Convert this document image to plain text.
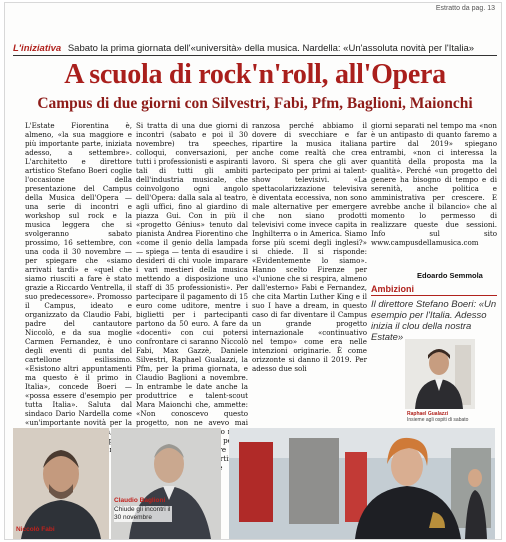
Estratto da pag. 13
L'iniziativa Sabato la prima giornata dell'«università» della musica. Nardella: «Un'assoluta novità per l'Italia»
A scuola di rock'n'roll, all'Opera
Campus di due giorni con Silvestri, Fabi, Pfm, Baglioni, Maionchi
L'Estate Fiorentina è, almeno, «la sua maggiore e più importante parte, iniziata adesso, a settembre». L'architetto e direttore artistico Stefano Boeri coglie l'occasione della presentazione del Campus della Musica dell'Opera — una serie di incontri e workshop sul rock e la musica leggera che si svolgeranno sabato prossimo, 16 settembre, con una coda il 30 novembre — per spiegare che «siamo arrivati tardi» e «quel che siamo riusciti a fare è stato grazie a Riccardo Ventrella, il suo predecessore». Promosso il Campus, ideato e organizzato da Claudio Fabi, padre del cantautore Niccolò, e da sua moglie Carmen Fernandez, è uno degli eventi di punta del cartellone esilissimo. «Esistono altri appuntamenti ma questo è il primo in Italia», concede Boeri — «possa essere d'esempio per tutta Italia». Saluta dal sindaco Dario Nardella come «un'importante novità per la
Si tratta di una due giorni di incontri (sabato e poi il 30 novembre) tra speeches, colloqui, conversazioni, per tutti i professionisti e aspiranti tali di tutti gli ambiti dell'industria musicale, che coinvolgono ogni angolo dell'Opera: dalla sala al teatro, agli uffici, fino al giardino di piazza Gui. Con in più il «progetto Génius» tenuto dal pianista Andrea Fiorentino che «come il genio della lampada — spiega — tenta di esaudire i desideri di chi vuole imparare i vari mestieri della musica mettendo a disposizione uno staff di 35 professionisti». Per partecipare il pagamento di 15 euro come uditore, mentre i biglietti per i partecipanti partono da 50 euro. A fare da «docenti» con cui potersi confrontare ci saranno Niccolò Fabi, Max Gazzè, Daniele Silvestri, Raphael Gualazzi, la Pfm, per la prima giornata, e Claudio Baglioni a novembre. In entrambe le date anche la produttrice e talent-scout Mara Maionchi che, ammette: «Non conoscevo questo progetto, non ne avevo mai
ranzosa perché abbiamo il dovere di svecchiare e far ripartire la musica italiana anche come realtà che crea lavoro. Si spera che gli aver partecipato per primi ai talent-show televisivi. «La spettacolarizzazione televisiva è diventata eccessiva, non sono male alternative per emergere che non siano prodotti televisivi come invece capita in Inghilterra o in America. Siamo forse più scemi degli inglesi?» si chiede. Il si risponde: «Evidentemente lo siamo». Hanno scelto Firenze per «l'unione che si respira, almeno dall'esterno» Fabi e Fernandez, che cita Martin Luther King e il suo I have a dream, in questo caso di far diventare il Campus un grande progetto internazionale «continuativo nel tempo» come era nelle intenzioni originarie. È come orizzonte si danno il 2019. Per adesso due soli
giorni separati nel tempo ma «non è un antipasto di quanto faremo a partire dal 2019» spiegano entrambi, «non ci interessa la quantità della proposta ma la qualità». Perché «un progetto del genere ha bisogno di tempo e di serenità, anche politica e amministrativa per crescere. E avrebbe anche il bilancio» che al momento lo permesso di realizzare queste due sessioni. Info sul sito www.campusdellamusica.com
Edoardo Semmola
Ambizioni
Il direttore Stefano Boeri: «Un esempio per l'Italia. Adesso inizia il clou della nostra Estate»
Raphael Gualazzi
Insieme agli ospiti di sabato
Niccolò Fabi
Claudio Baglioni
Chiude gli incontri il 30 novembre
